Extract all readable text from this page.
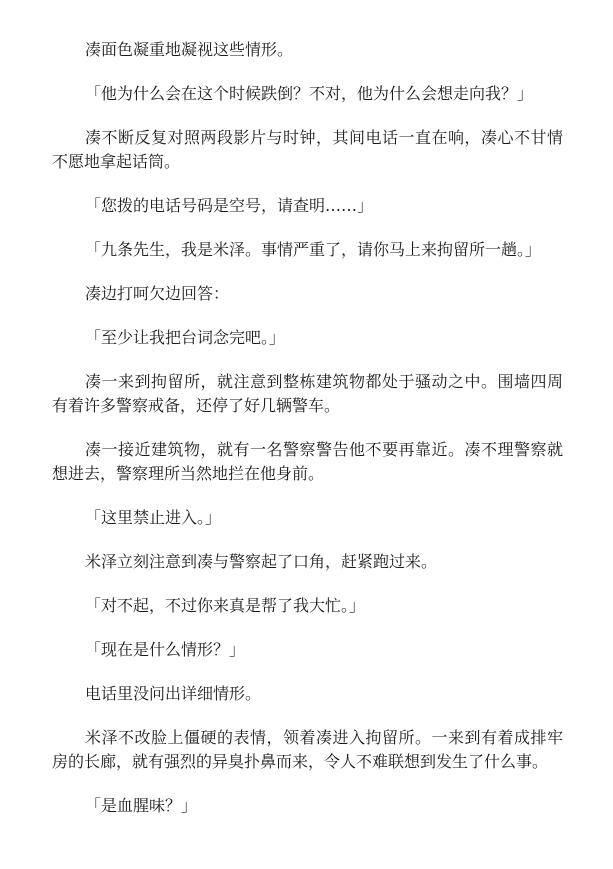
凑面色凝重地凝视这些情形。

「他为什么会在这个时候跌倒？不对，他为什么会想走向我？」

凑不断反复对照两段影片与时钟，其间电话一直在响，凑心不甘情不愿地拿起话筒。

「您拨的电话号码是空号，请查明……」

「九条先生，我是米泽。事情严重了，请你马上来拘留所一趟。」

凑边打呵欠边回答：

「至少让我把台词念完吧。」

凑一来到拘留所，就注意到整栋建筑物都处于骚动之中。围墙四周有着许多警察戒备，还停了好几辆警车。

凑一接近建筑物，就有一名警察警告他不要再靠近。凑不理警察就想进去，警察理所当然地拦在他身前。

「这里禁止进入。」

米泽立刻注意到凑与警察起了口角，赶紧跑过来。

「对不起，不过你来真是帮了我大忙。」

「现在是什么情形？」

电话里没问出详细情形。

米泽不改脸上僵硬的表情，领着凑进入拘留所。一来到有着成排牢房的长廊，就有强烈的异臭扑鼻而来，令人不难联想到发生了什么事。

「是血腥味？」
